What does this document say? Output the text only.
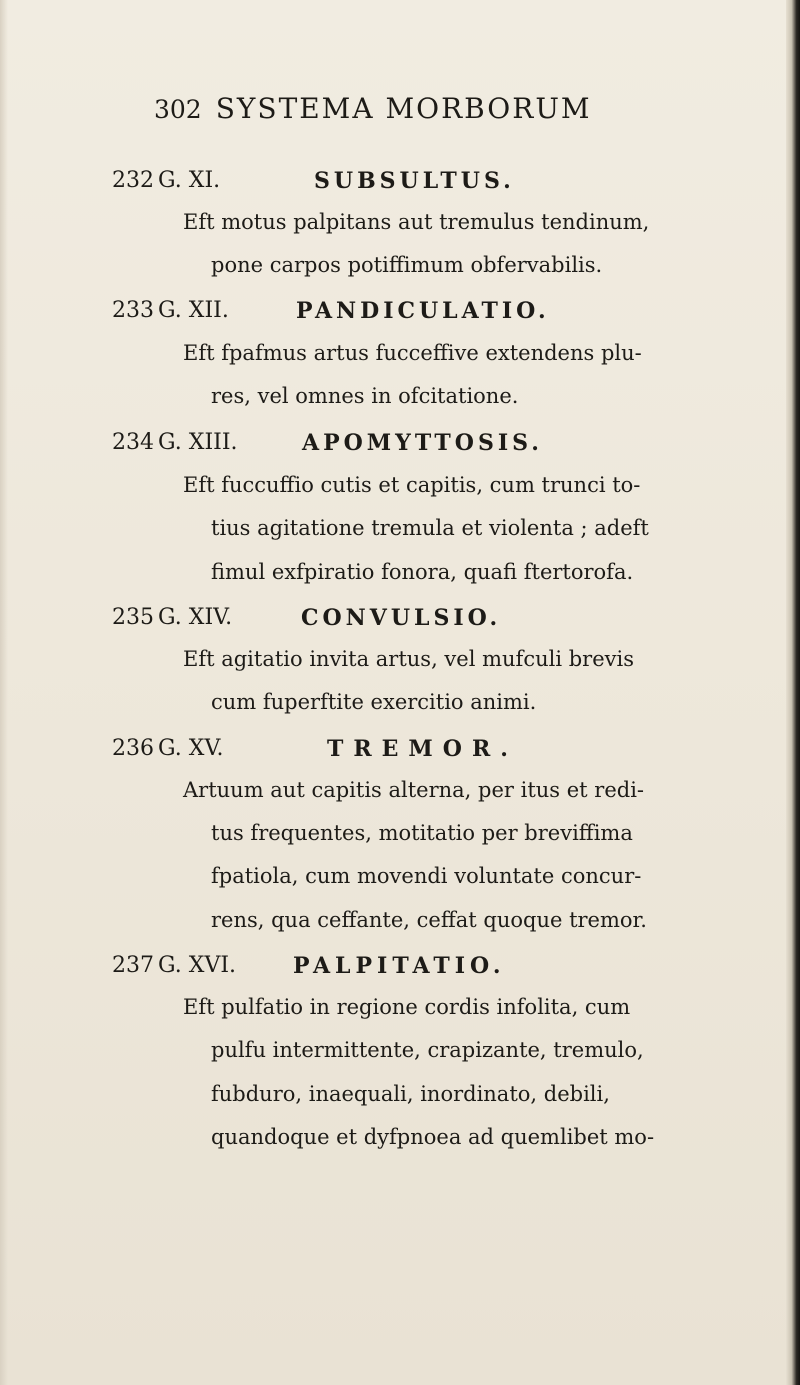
302 SYSTEMA MORBORUM
232 G. XI.	SUBSULTUS.
Eft motus palpitans aut tremulus tendinum,
pone carpos potiffimum obfervabilis.
233 G. XII.	PANDICULATIO.
Eft fpafmus artus fucceffive extendens plu-
res, vel omnes in ofcitatione.
234 G. XIII.	APOMYTTOSIS.
Eft fuccuffio cutis et capitis, cum trunci to-
tius agitatione tremula et violenta ; adeft
fimul exfpiratio fonora, quafi ftertorofa.
235 G. XIV.	CONVULSIO.
Eft agitatio invita artus, vel mufculi brevis
cum fuperftite exercitio animi.
236 G. XV.	TREMOR.
Artuum aut capitis alterna, per itus et redi-
tus frequentes, motitatio per breviffima
fpatiola, cum movendi voluntate concur-
rens, qua ceffante, ceffat quoque tremor.
237 G. XVI.	PALPITATIO.
Eft pulfatio in regione cordis infolita, cum
pulfu intermittente, crapizante, tremulo,
fubduro, inaequali, inordinato, debili,
quandoque et dyfpnoea ad quemlibet mo-
